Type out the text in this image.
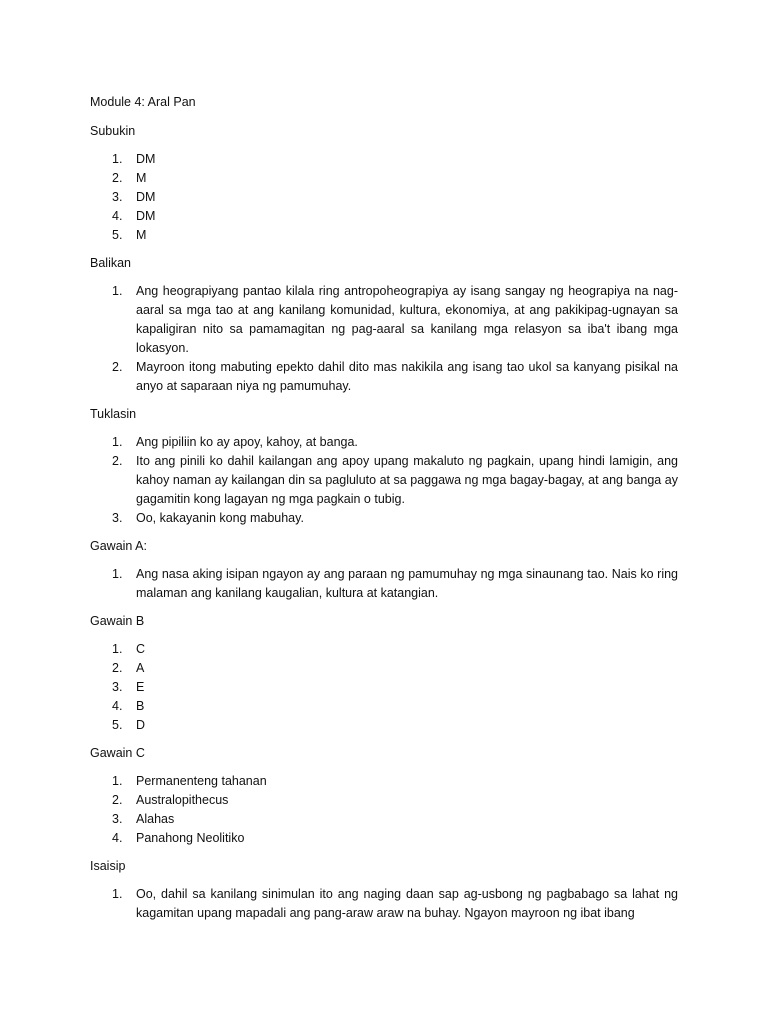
Module 4: Aral Pan
Subukin
1.	DM
2.	M
3.	DM
4.	DM
5.	M
Balikan
1.	Ang heograpiyang pantao kilala ring antropoheograpiya ay isang sangay ng heograpiya na nag-aaral sa mga tao at ang kanilang komunidad, kultura, ekonomiya, at ang pakikipag-ugnayan sa kapaligiran nito sa pamamagitan ng pag-aaral sa kanilang mga relasyon sa iba't ibang mga lokasyon.
2.	Mayroon itong mabuting epekto dahil dito mas nakikila ang isang tao ukol sa kanyang pisikal na anyo at saparaan niya ng pamumuhay.
Tuklasin
1.	Ang pipiliin ko ay apoy, kahoy, at banga.
2.	Ito ang pinili ko dahil kailangan ang apoy upang makaluto ng pagkain, upang hindi lamigin, ang kahoy naman ay kailangan din sa pagluluto at sa paggawa ng mga bagay-bagay, at ang banga ay gagamitin kong lagayan ng mga pagkain o tubig.
3.	Oo, kakayanin kong mabuhay.
Gawain A:
1.	Ang nasa aking isipan ngayon ay ang paraan ng pamumuhay ng mga sinaunang tao. Nais ko ring malaman ang kanilang kaugalian, kultura at katangian.
Gawain B
1.	C
2.	A
3.	E
4.	B
5.	D
Gawain C
1.	Permanenteng tahanan
2.	Australopithecus
3.	Alahas
4.	Panahong Neolitiko
Isaisip
1.	Oo, dahil sa kanilang sinimulan ito ang naging daan sap ag-usbong ng pagbabago sa lahat ng kagamitan upang mapadali ang pang-araw araw na buhay. Ngayon mayroon ng ibat ibang
